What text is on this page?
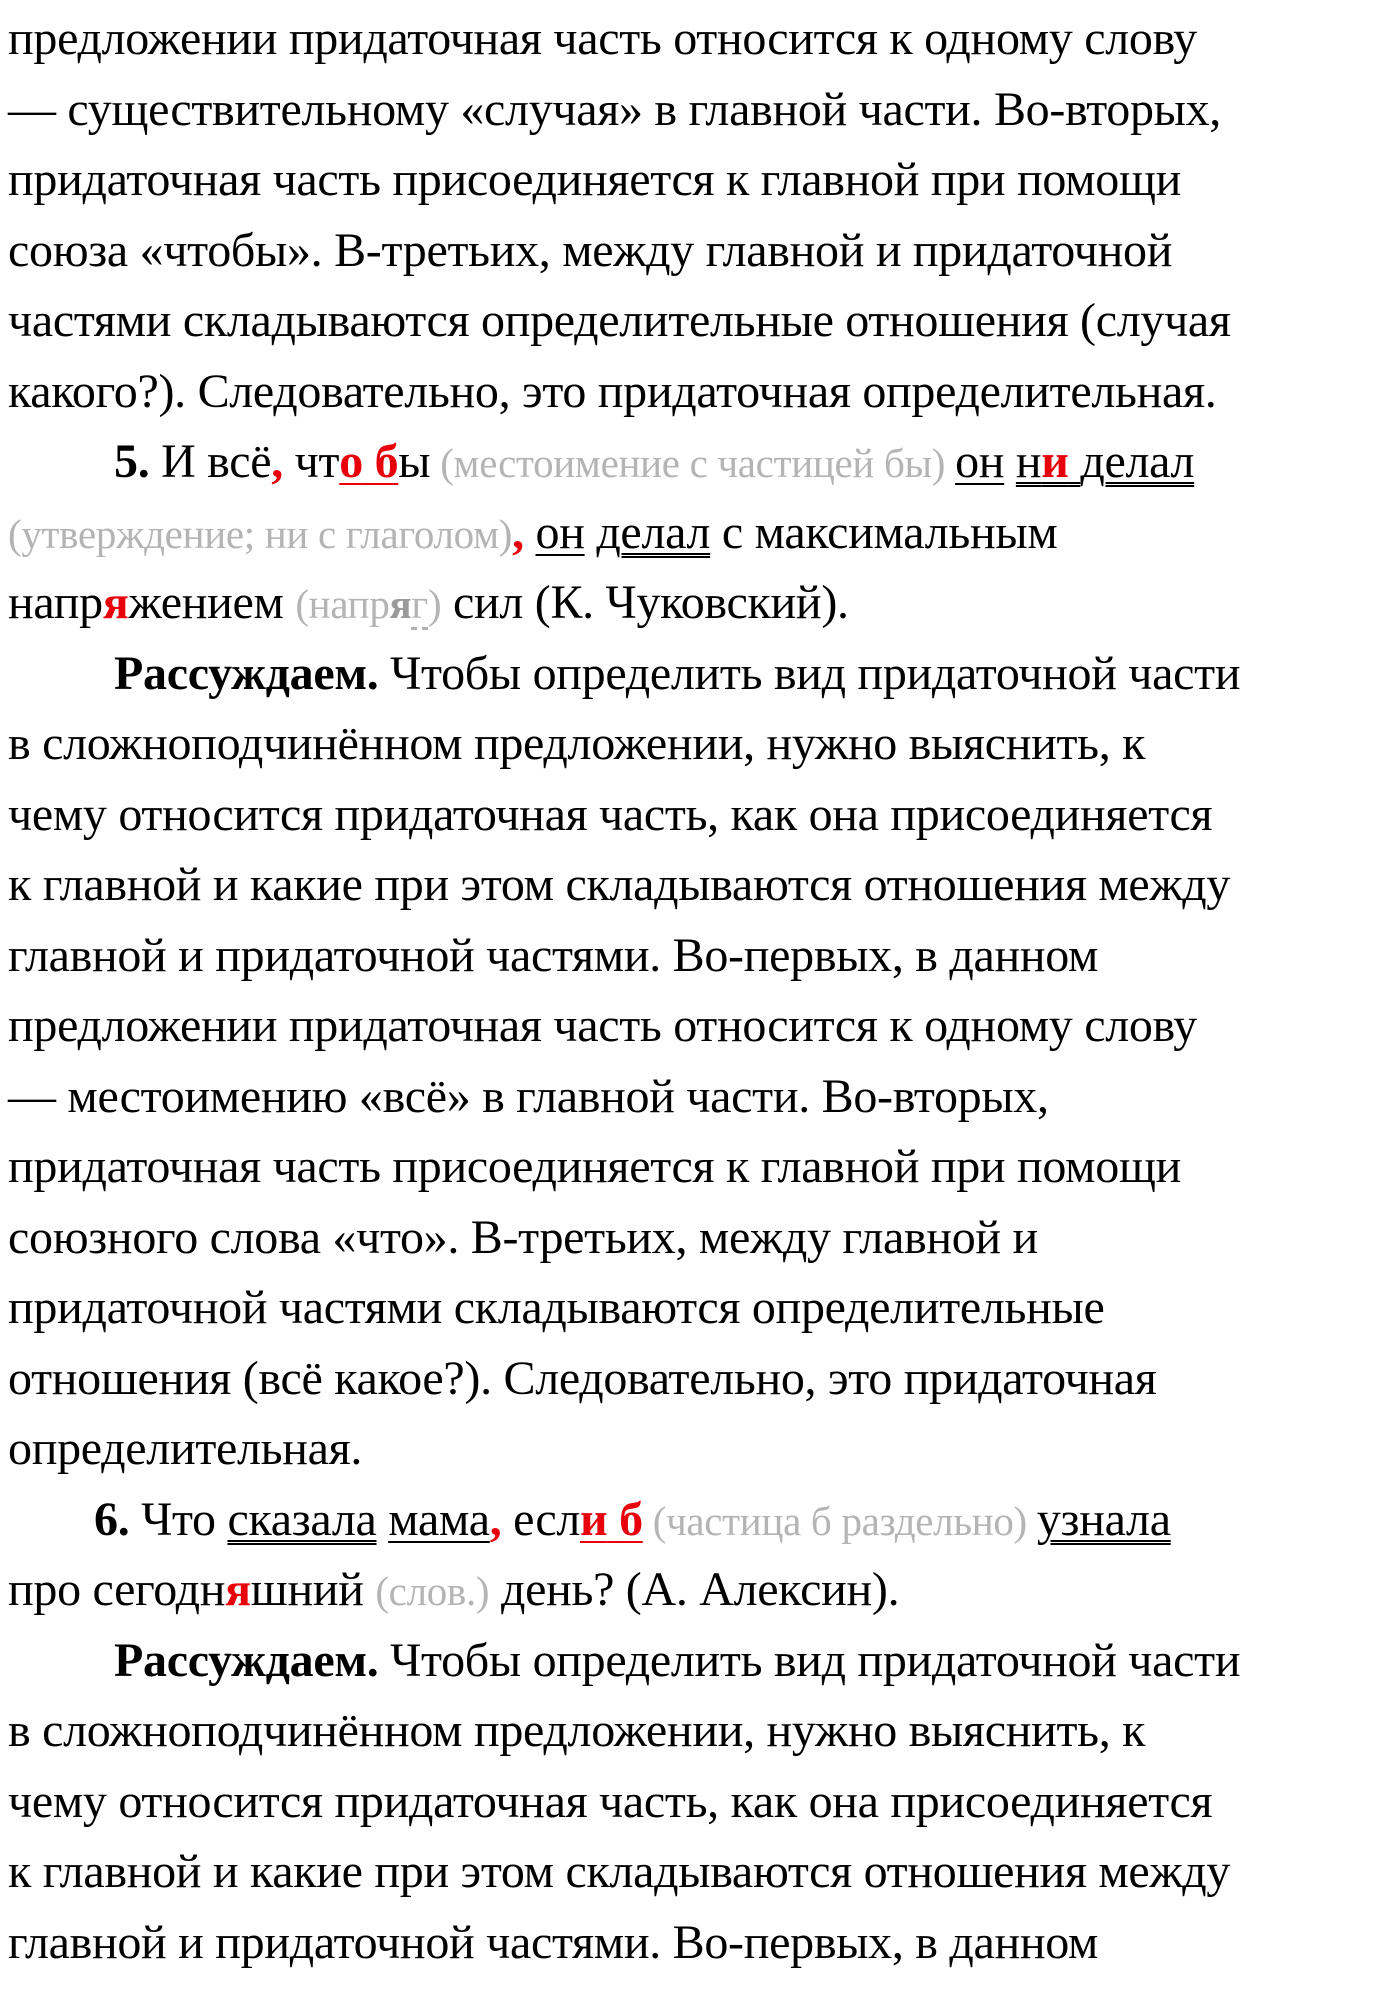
предложении придаточная часть относится к одному слову
— существительному «случая» в главной части. Во-вторых,
придаточная часть присоединяется к главной при помощи
союза «чтобы». В-третьих, между главной и придаточной
частями складываются определительные отношения (случая
какого?). Следовательно, это придаточная определительная.
5. И всё, что бы (местоимение с частицей бы) он ни делал
(утверждение; ни с глаголом), он делал с максимальным
напряжением (напряг) сил (К. Чуковский).
Рассуждаем. Чтобы определить вид придаточной части
в сложноподчинённом предложении, нужно выяснить, к
чему относится придаточная часть, как она присоединяется
к главной и какие при этом складываются отношения между
главной и придаточной частями. Во-первых, в данном
предложении придаточная часть относится к одному слову
— местоимению «всё» в главной части. Во-вторых,
придаточная часть присоединяется к главной при помощи
союзного слова «что». В-третьих, между главной и
придаточной частями складываются определительные
отношения (всё какое?). Следовательно, это придаточная
определительная.
6. Что сказала мама, если б (частица б раздельно) узнала
про сегодняшний (слов.) день? (А. Алексин).
Рассуждаем. Чтобы определить вид придаточной части
в сложноподчинённом предложении, нужно выяснить, к
чему относится придаточная часть, как она присоединяется
к главной и какие при этом складываются отношения между
главной и придаточной частями. Во-первых, в данном
